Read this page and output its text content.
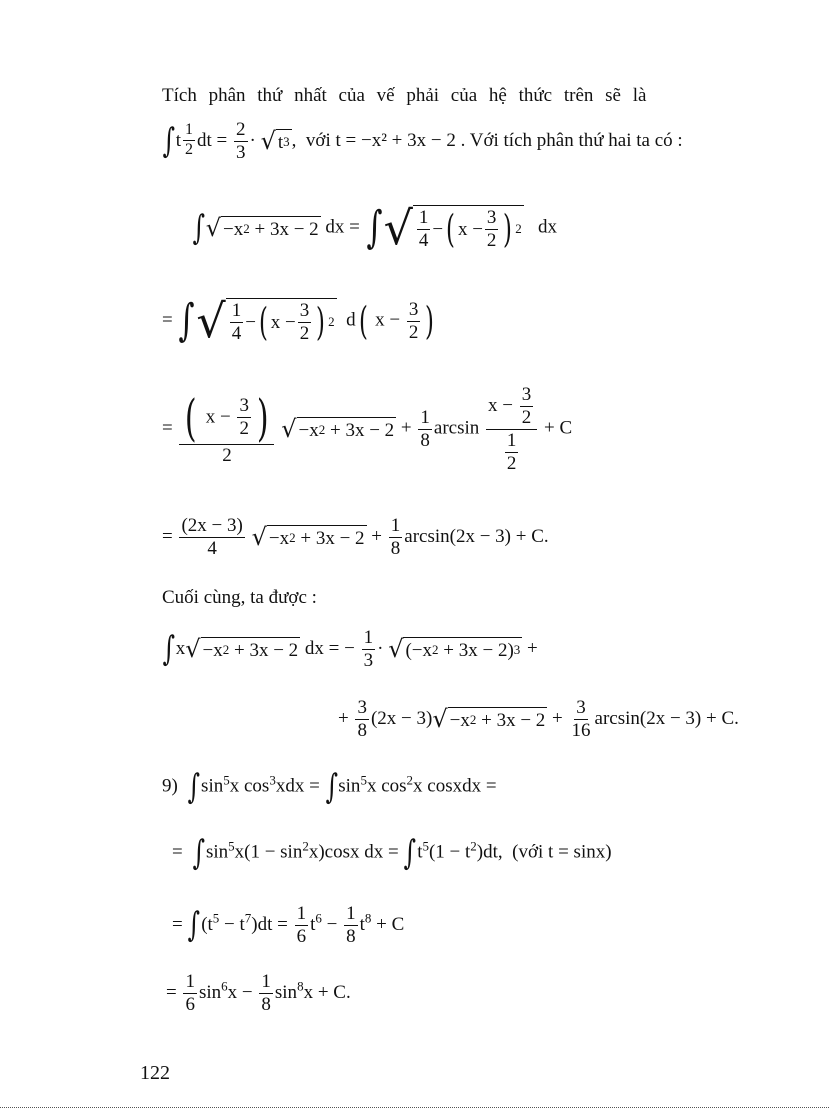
Tích phân thứ nhất của vế phải của hệ thức trên sẽ là
$\int t \frac{1}{2}$ dt = $\frac{2}{3}$ · √ t 3 ,  với t = −x² + 3x − 2 . Với tích phân thứ hai ta có :
∫ √ −x 2 + 3x − 2 dx = ∫ √ $\frac{1}{4}$ − ( $x - \frac{3}{2}$ ) 2 dx
= ∫ √ $\frac{1}{4}$ − ( $x - \frac{3}{2}$ ) 2 d( $x - \frac{3}{2}$ )
= $\frac{( x - \frac{3}{2} )}{2}$
√ −x $2 + 3x - 2 + \frac{1}{8}$ $\arcsin \frac{x - \frac{3}{2}}{\frac{1}{2}} + C$
= $\frac{(2x - 3)}{4}$
√ −x $2 + 3x - 2 + \frac{1}{8} \arcsin(2x - 3) + C$.
Cuối cùng, ta được :
∫x √ −x 2 + 3x − 2 dx = − $\frac{1}{3}$ · √ (−x 2 + 3x − 2) 3 +
+ $\frac{3}{8} (2x - 3)$ √ −x $2 + 3x - 2 + \frac{3}{16} \arcsin(2x - 3) + C$.
9) $\int\sin^5x$ $\cos^3xdx = \int\sin^5x$ $\cos^2x$ cosxdx =
=  $\int\sin^5x(1 - \sin^2x)\cos x$ dx = $\int t^5(1 - t^2)dt$,  (với t = sinx)
= $\int(t^5 - t^7)dt = \frac{1}{6} t^6 - \frac{1}{8} t^8 + C$
= $\frac{1}{6} \sin^6x - \frac{1}{8} \sin^8x + C$.
122
